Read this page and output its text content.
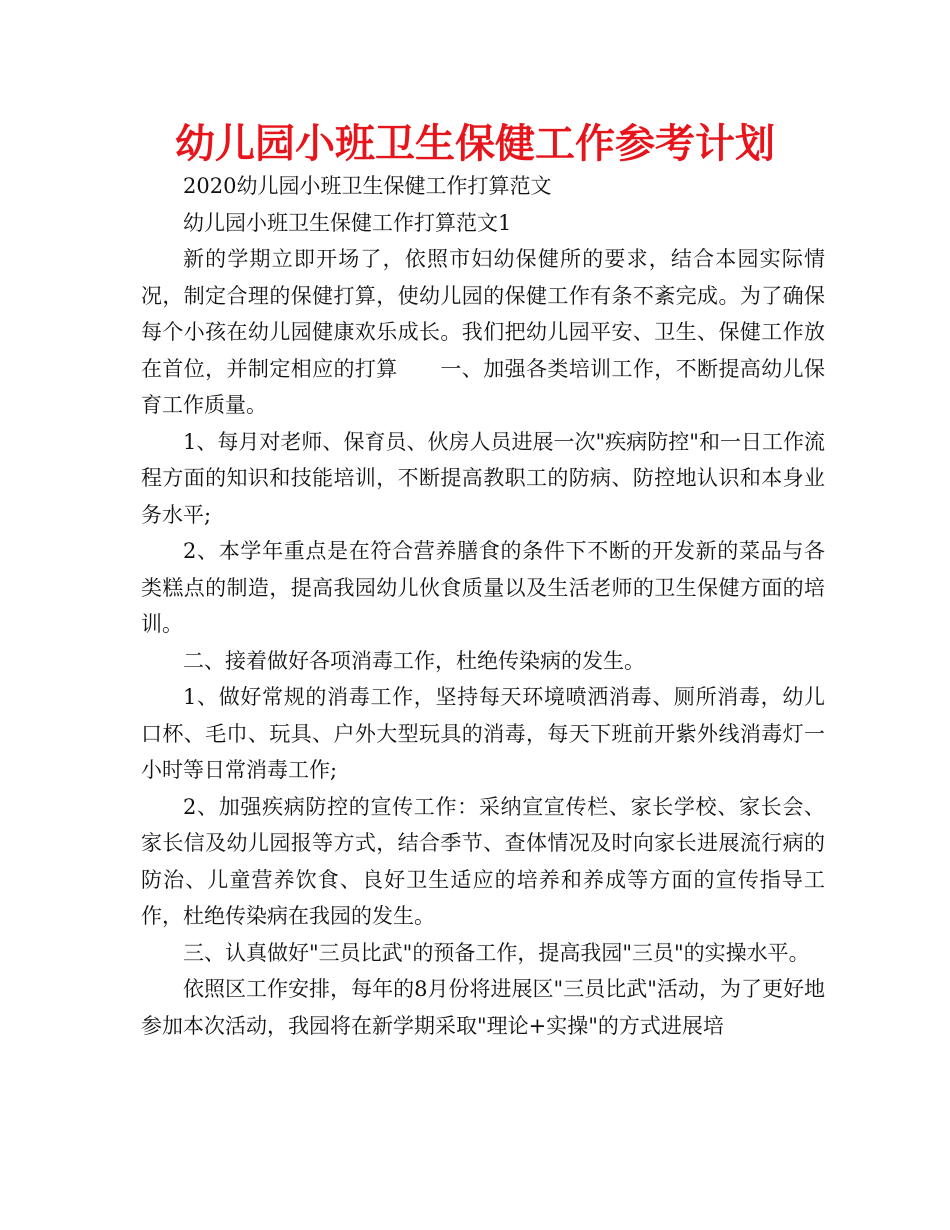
幼儿园小班卫生保健工作参考计划

2020幼儿园小班卫生保健工作打算范文

幼儿园小班卫生保健工作打算范文1

新的学期立即开场了，依照市妇幼保健所的要求，结合本园实际情况，制定合理的保健打算，使幼儿园的保健工作有条不紊完成。为了确保每个小孩在幼儿园健康欢乐成长。我们把幼儿园平安、卫生、保健工作放在首位，并制定相应的打算　　一、加强各类培训工作，不断提高幼儿保育工作质量。

1、每月对老师、保育员、伙房人员进展一次"疾病防控"和一日工作流程方面的知识和技能培训，不断提高教职工的防病、防控地认识和本身业务水平;

2、本学年重点是在符合营养膳食的条件下不断的开发新的菜品与各类糕点的制造，提高我园幼儿伙食质量以及生活老师的卫生保健方面的培训。

二、接着做好各项消毒工作，杜绝传染病的发生。

1、做好常规的消毒工作，坚持每天环境喷洒消毒、厕所消毒，幼儿口杯、毛巾、玩具、户外大型玩具的消毒，每天下班前开紫外线消毒灯一小时等日常消毒工作;

2、加强疾病防控的宣传工作：采纳宣宣传栏、家长学校、家长会、家长信及幼儿园报等方式，结合季节、查体情况及时向家长进展流行病的防治、儿童营养饮食、良好卫生适应的培养和养成等方面的宣传指导工作，杜绝传染病在我园的发生。

三、认真做好"三员比武"的预备工作，提高我园"三员"的实操水平。

依照区工作安排，每年的8月份将进展区"三员比武"活动，为了更好地参加本次活动，我园将在新学期采取"理论+实操"的方式进展培
